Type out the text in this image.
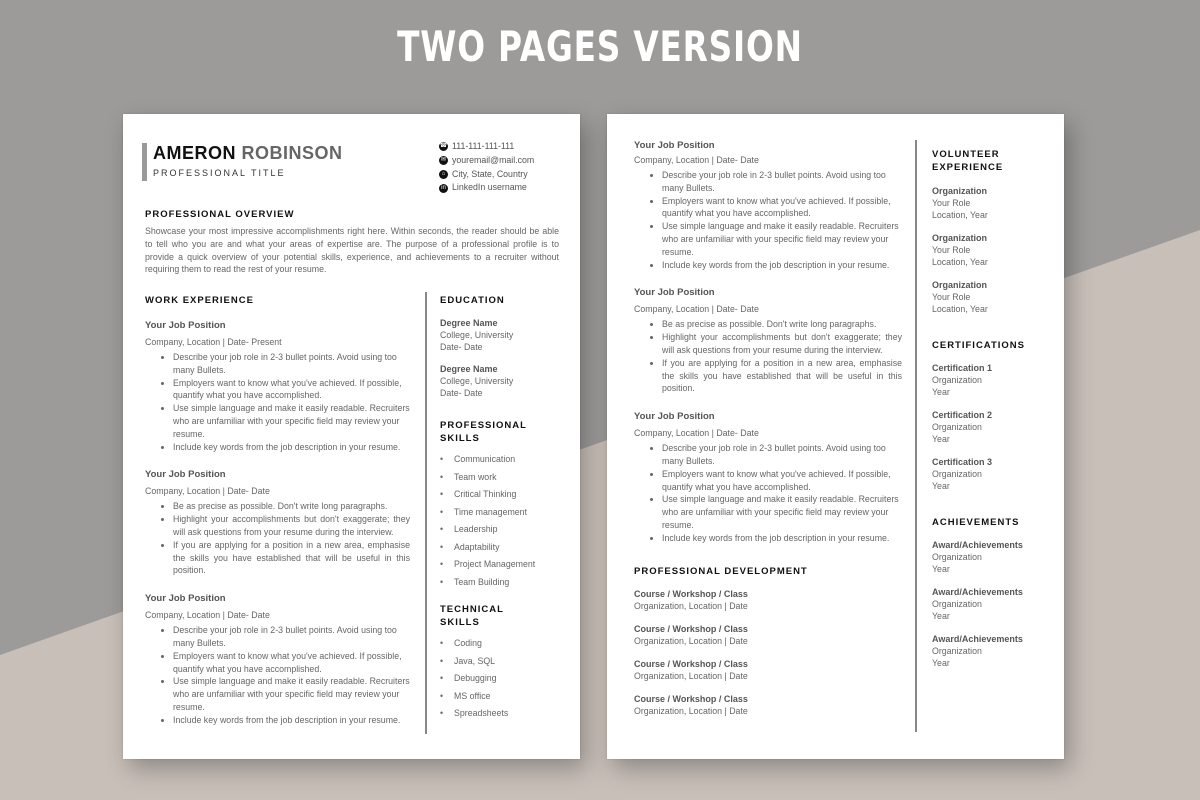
TWO PAGES VERSION
AMERON ROBINSON
PROFESSIONAL TITLE
☎ 111-111-111-111
✉ youremail@mail.com
⌂ City, State, Country
in LinkedIn username
PROFESSIONAL OVERVIEW
Showcase your most impressive accomplishments right here. Within seconds, the reader should be able to tell who you are and what your areas of expertise are. The purpose of a professional profile is to provide a quick overview of your potential skills, experience, and achievements to a recruiter without requiring them to read the rest of your resume.
WORK EXPERIENCE
Your Job Position
Company, Location | Date- Present
• Describe your job role in 2-3 bullet points. Avoid using too many Bullets.
• Employers want to know what you've achieved. If possible, quantify what you have accomplished.
• Use simple language and make it easily readable. Recruiters who are unfamiliar with your specific field may review your resume.
• Include key words from the job description in your resume.
Your Job Position
Company, Location | Date- Date
• Be as precise as possible. Don't write long paragraphs.
• Highlight your accomplishments but don't exaggerate; they will ask questions from your resume during the interview.
• If you are applying for a position in a new area, emphasise the skills you have established that will be useful in this position.
Your Job Position
Company, Location | Date- Date
• Describe your job role in 2-3 bullet points. Avoid using too many Bullets.
• Employers want to know what you've achieved. If possible, quantify what you have accomplished.
• Use simple language and make it easily readable. Recruiters who are unfamiliar with your specific field may review your resume.
• Include key words from the job description in your resume.
EDUCATION
Degree Name
College, University
Date- Date
Degree Name
College, University
Date- Date
PROFESSIONAL
SKILLS
• Communication
• Team work
• Critical Thinking
• Time management
• Leadership
• Adaptability
• Project Management
• Team Building
TECHNICAL
SKILLS
• Coding
• Java, SQL
• Debugging
• MS office
• Spreadsheets
Your Job Position
Company, Location | Date- Date
• Describe your job role in 2-3 bullet points. Avoid using too many Bullets.
• Employers want to know what you've achieved. If possible, quantify what you have accomplished.
• Use simple language and make it easily readable. Recruiters who are unfamiliar with your specific field may review your resume.
• Include key words from the job description in your resume.
Your Job Position
Company, Location | Date- Date
• Be as precise as possible. Don't write long paragraphs.
• Highlight your accomplishments but don't exaggerate; they will ask questions from your resume during the interview.
• If you are applying for a position in a new area, emphasise the skills you have established that will be useful in this position.
Your Job Position
Company, Location | Date- Date
• Describe your job role in 2-3 bullet points. Avoid using too many Bullets.
• Employers want to know what you've achieved. If possible, quantify what you have accomplished.
• Use simple language and make it easily readable. Recruiters who are unfamiliar with your specific field may review your resume.
• Include key words from the job description in your resume.
PROFESSIONAL DEVELOPMENT
Course / Workshop / Class
Organization, Location | Date
Course / Workshop / Class
Organization, Location | Date
Course / Workshop / Class
Organization, Location | Date
Course / Workshop / Class
Organization, Location | Date
VOLUNTEER
EXPERIENCE
Organization
Your Role
Location, Year
Organization
Your Role
Location, Year
Organization
Your Role
Location, Year
CERTIFICATIONS
Certification 1
Organization
Year
Certification 2
Organization
Year
Certification 3
Organization
Year
ACHIEVEMENTS
Award/Achievements
Organization
Year
Award/Achievements
Organization
Year
Award/Achievements
Organization
Year
